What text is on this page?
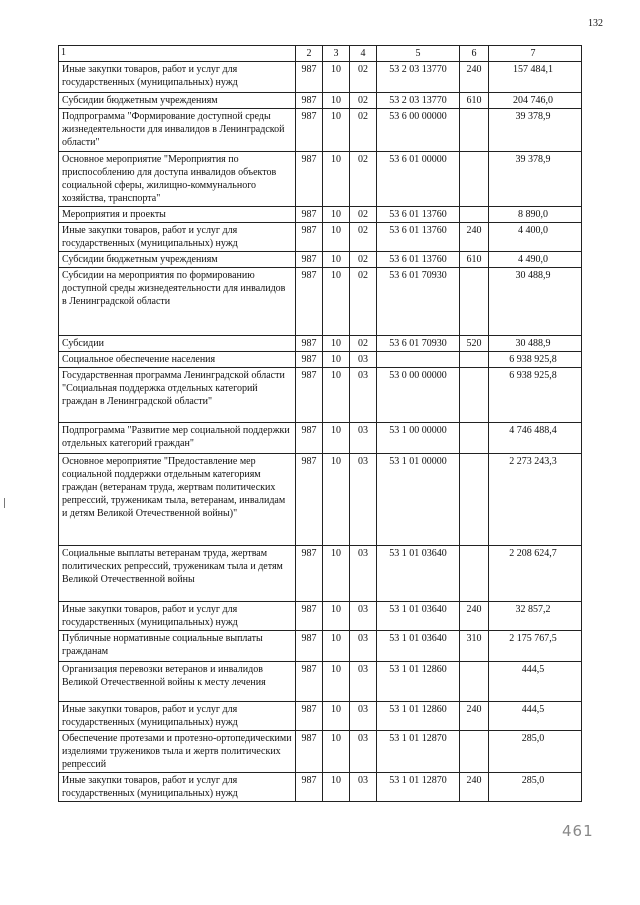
132
1	2	3	4	5	6	7
Иные закупки товаров, работ и услуг для государственных (муниципальных) нужд	987	10	02	53 2 03 13770	240	157 484,1
Субсидии бюджетным учреждениям	987	10	02	53 2 03 13770	610	204 746,0
Подпрограмма "Формирование доступной среды жизнедеятельности для инвалидов в Ленинградской области"	987	10	02	53 6 00 00000		39 378,9
Основное мероприятие "Мероприятия по приспособлению для доступа инвалидов объектов социальной сферы, жилищно-коммунального хозяйства, транспорта"	987	10	02	53 6 01 00000		39 378,9
Мероприятия и проекты	987	10	02	53 6 01 13760		8 890,0
Иные закупки товаров, работ и услуг для государственных (муниципальных) нужд	987	10	02	53 6 01 13760	240	4 400,0
Субсидии бюджетным учреждениям	987	10	02	53 6 01 13760	610	4 490,0
Субсидии на мероприятия по формированию доступной среды жизнедеятельности для инвалидов в Ленинградской области	987	10	02	53 6 01 70930		30 488,9
Субсидии	987	10	02	53 6 01 70930	520	30 488,9
Социальное обеспечение населения	987	10	03			6 938 925,8
Государственная программа Ленинградской области "Социальная поддержка отдельных категорий граждан в Ленинградской области"	987	10	03	53 0 00 00000		6 938 925,8
Подпрограмма "Развитие мер социальной поддержки отдельных категорий граждан"	987	10	03	53 1 00 00000		4 746 488,4
Основное мероприятие "Предоставление мер социальной поддержки отдельным категориям граждан (ветеранам труда, жертвам политических репрессий, труженикам тыла, ветеранам, инвалидам и детям Великой Отечественной войны)"	987	10	03	53 1 01 00000		2 273 243,3
Социальные выплаты ветеранам труда, жертвам политических репрессий, труженикам тыла и детям Великой Отечественной войны	987	10	03	53 1 01 03640		2 208 624,7
Иные закупки товаров, работ и услуг для государственных (муниципальных) нужд	987	10	03	53 1 01 03640	240	32 857,2
Публичные нормативные социальные выплаты гражданам	987	10	03	53 1 01 03640	310	2 175 767,5
Организация перевозки ветеранов и инвалидов Великой Отечественной войны к месту лечения	987	10	03	53 1 01 12860		444,5
Иные закупки товаров, работ и услуг для государственных (муниципальных) нужд	987	10	03	53 1 01 12860	240	444,5
Обеспечение протезами и протезно-ортопедическими изделиями тружеников тыла и жертв политических репрессий	987	10	03	53 1 01 12870		285,0
Иные закупки товаров, работ и услуг для государственных (муниципальных) нужд	987	10	03	53 1 01 12870	240	285,0
461
